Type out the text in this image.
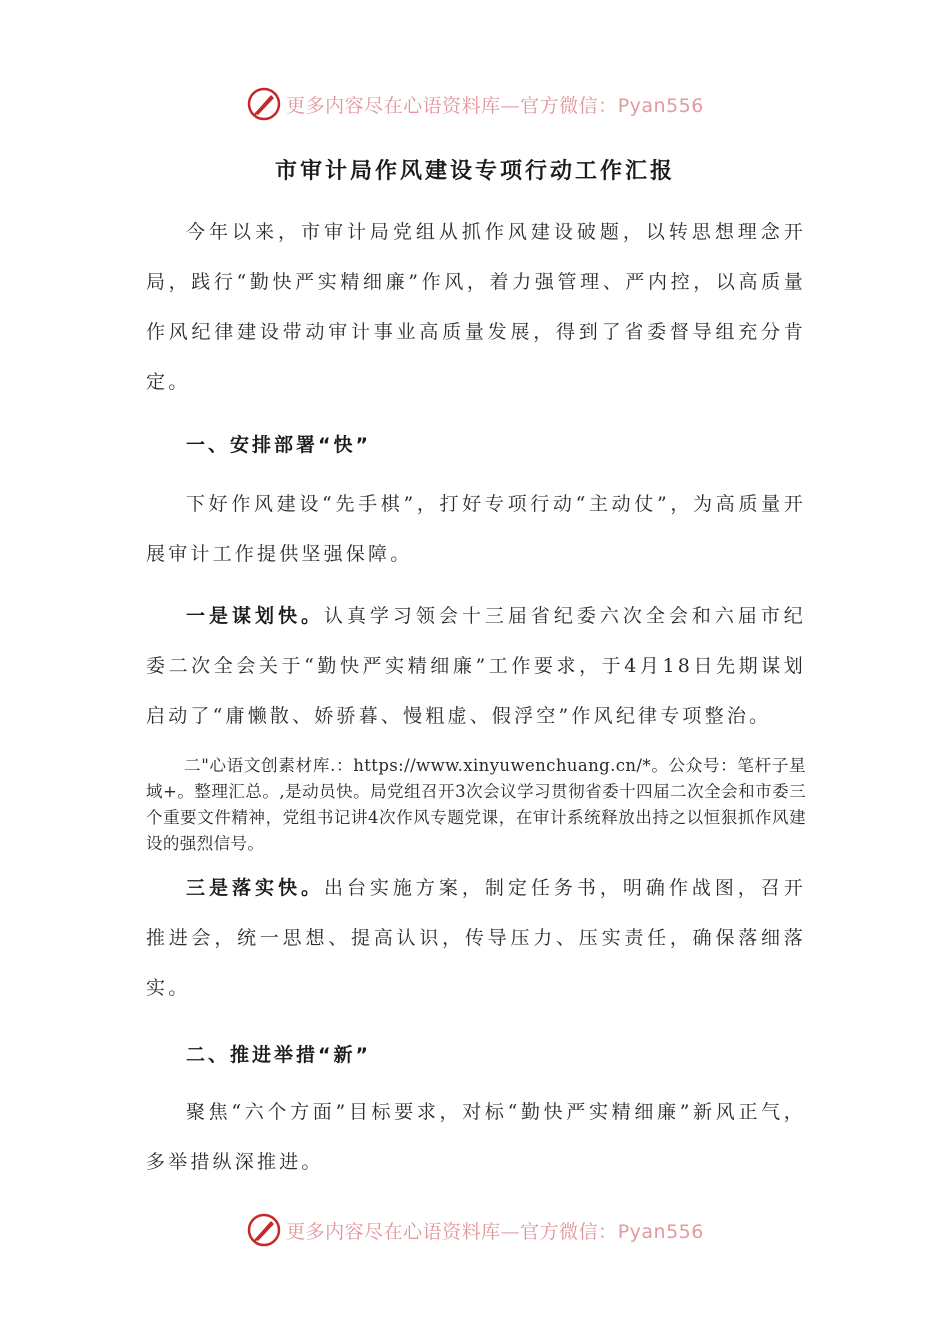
更多内容尽在心语资料库—官方微信：Pyan556
市审计局作风建设专项行动工作汇报

今年以来，市审计局党组从抓作风建设破题，以转思想理念开局，践行“勤快严实精细廉”作风，着力强管理、严内控，以高质量作风纪律建设带动审计事业高质量发展，得到了省委督导组充分肯定。

一、安排部署“快”

下好作风建设“先手棋”，打好专项行动“主动仗”，为高质量开展审计工作提供坚强保障。

一是谋划快。认真学习领会十三届省纪委六次全会和六届市纪委二次全会关于“勤快严实精细廉”工作要求，于4月18日先期谋划启动了“庸懒散、娇骄暮、慢粗虚、假浮空”作风纪律专项整治。

二"心语文创素材库.：https://www.xinyuwenchuang.cn/*。公众号：笔杆子星域+。整理汇总。,是动员快。局党组召开3次会议学习贯彻省委十四届二次全会和市委三个重要文件精神，党组书记讲4次作风专题党课，在审计系统释放出持之以恒狠抓作风建设的强烈信号。

三是落实快。出台实施方案，制定任务书，明确作战图，召开推进会，统一思想、提高认识，传导压力、压实责任，确保落细落实。

二、推进举措“新”

聚焦“六个方面”目标要求，对标“勤快严实精细廉”新风正气，多举措纵深推进。

更多内容尽在心语资料库—官方微信：Pyan556
